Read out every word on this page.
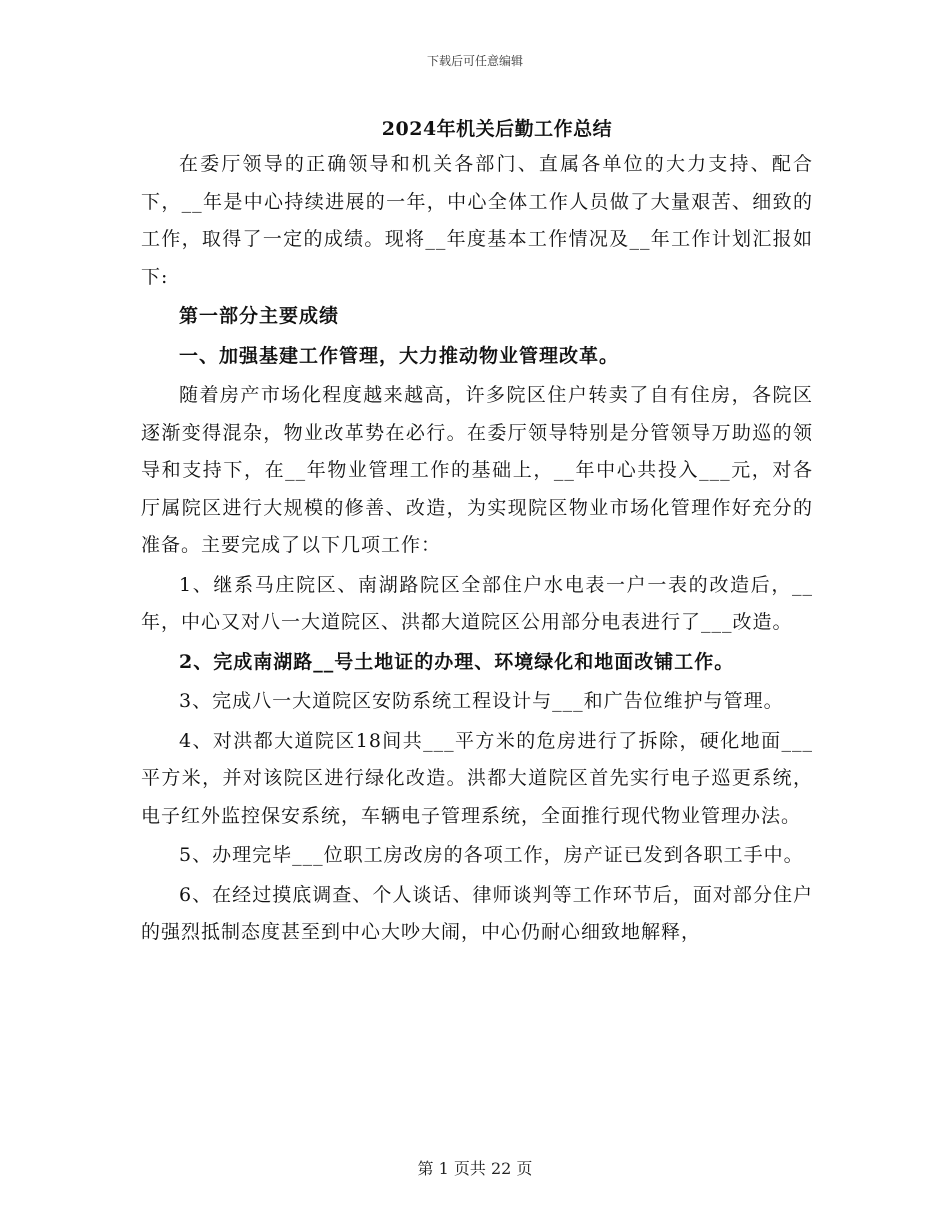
下载后可任意编辑
2024年机关后勤工作总结

在委厅领导的正确领导和机关各部门、直属各单位的大力支持、配合下，__年是中心持续进展的一年，中心全体工作人员做了大量艰苦、细致的工作，取得了一定的成绩。现将__年度基本工作情况及__年工作计划汇报如下:

第一部分主要成绩

一、加强基建工作管理，大力推动物业管理改革。

随着房产市场化程度越来越高，许多院区住户转卖了自有住房，各院区逐渐变得混杂，物业改革势在必行。在委厅领导特别是分管领导万助巡的领导和支持下，在__年物业管理工作的基础上，__年中心共投入___元，对各厅属院区进行大规模的修善、改造，为实现院区物业市场化管理作好充分的准备。主要完成了以下几项工作：

1、继系马庄院区、南湖路院区全部住户水电表一户一表的改造后，__年，中心又对八一大道院区、洪都大道院区公用部分电表进行了___改造。

2、完成南湖路__号土地证的办理、环境绿化和地面改铺工作。

3、完成八一大道院区安防系统工程设计与___和广告位维护与管理。

4、对洪都大道院区18间共___平方米的危房进行了拆除，硬化地面___平方米，并对该院区进行绿化改造。洪都大道院区首先实行电子巡更系统，电子红外监控保安系统，车辆电子管理系统，全面推行现代物业管理办法。

5、办理完毕___位职工房改房的各项工作，房产证已发到各职工手中。

6、在经过摸底调查、个人谈话、律师谈判等工作环节后，面对部分住户的强烈抵制态度甚至到中心大吵大闹，中心仍耐心细致地解释，

第 1 页共 22 页
